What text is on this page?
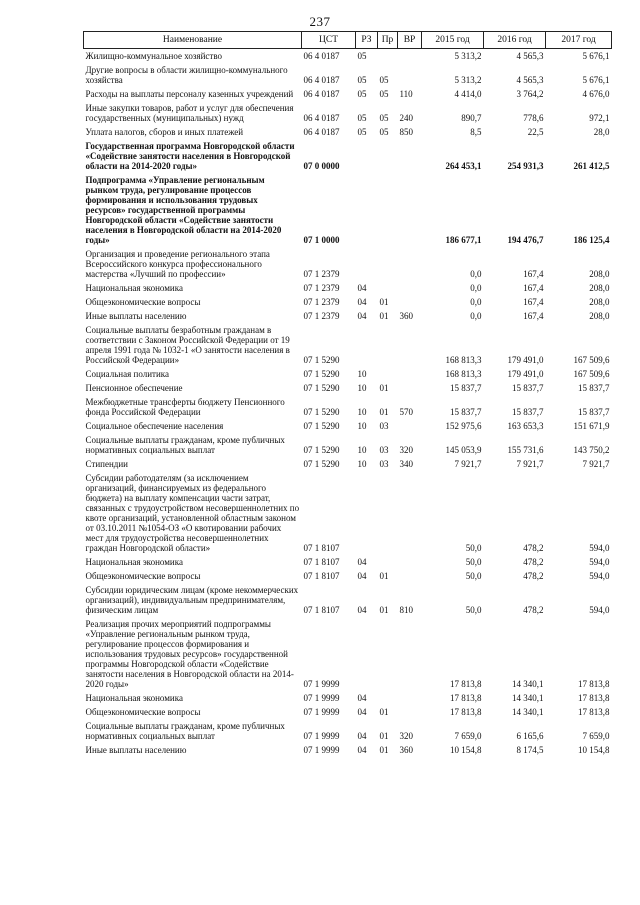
237
Наименование	ЦСТ	РЗ	Пр	ВР	2015 год	2016 год	2017 год
Жилищно-коммунальное хозяйство	06 4 0187	05			5 313,2	4 565,3	5 676,1
Другие вопросы в области жилищно-коммунального хозяйства	06 4 0187	05	05		5 313,2	4 565,3	5 676,1
Расходы на выплаты персоналу казенных учреждений	06 4 0187	05	05	110	4 414,0	3 764,2	4 676,0
Иные закупки товаров, работ и услуг для обеспечения государственных (муниципальных) нужд	06 4 0187	05	05	240	890,7	778,6	972,1
Уплата налогов, сборов и иных платежей	06 4 0187	05	05	850	8,5	22,5	28,0
Государственная программа Новгородской области «Содействие занятости населения в Новгородской области на 2014-2020 годы»	07 0 0000				264 453,1	254 931,3	261 412,5
Подпрограмма «Управление региональным рынком труда, регулирование процессов формирования и использования трудовых ресурсов» государственной программы Новгородской области «Содействие занятости населения в Новгородской области на 2014-2020 годы»	07 1 0000				186 677,1	194 476,7	186 125,4
Организация и проведение регионального этапа Всероссийского конкурса профессионального мастерства «Лучший по профессии»	07 1 2379				0,0	167,4	208,0
Национальная экономика	07 1 2379	04			0,0	167,4	208,0
Общеэкономические вопросы	07 1 2379	04	01		0,0	167,4	208,0
Иные выплаты населению	07 1 2379	04	01	360	0,0	167,4	208,0
Социальные выплаты безработным гражданам в соответствии с Законом Российской Федерации от 19 апреля 1991 года № 1032-1 «О занятости населения в Российской Федерации»	07 1 5290				168 813,3	179 491,0	167 509,6
Социальная политика	07 1 5290	10			168 813,3	179 491,0	167 509,6
Пенсионное обеспечение	07 1 5290	10	01		15 837,7	15 837,7	15 837,7
Межбюджетные трансферты бюджету Пенсионного фонда Российской Федерации	07 1 5290	10	01	570	15 837,7	15 837,7	15 837,7
Социальное обеспечение населения	07 1 5290	10	03		152 975,6	163 653,3	151 671,9
Социальные выплаты гражданам, кроме публичных нормативных социальных выплат	07 1 5290	10	03	320	145 053,9	155 731,6	143 750,2
Стипендии	07 1 5290	10	03	340	7 921,7	7 921,7	7 921,7
Субсидии работодателям (за исключением организаций, финансируемых из федерального бюджета) на выплату компенсации части затрат, связанных с трудоустройством несовершеннолетних по квоте организаций, установленной областным законом от 03.10.2011 №1054-ОЗ «О квотировании рабочих мест для трудоустройства несовершеннолетних граждан Новгородской области»	07 1 8107				50,0	478,2	594,0
Национальная экономика	07 1 8107	04			50,0	478,2	594,0
Общеэкономические вопросы	07 1 8107	04	01		50,0	478,2	594,0
Субсидии юридическим лицам (кроме некоммерческих организаций), индивидуальным предпринимателям, физическим лицам	07 1 8107	04	01	810	50,0	478,2	594,0
Реализация прочих мероприятий подпрограммы «Управление региональным рынком труда, регулирование процессов формирования и использования трудовых ресурсов» государственной программы Новгородской области «Содействие занятости населения в Новгородской области на 2014-2020 годы»	07 1 9999				17 813,8	14 340,1	17 813,8
Национальная экономика	07 1 9999	04			17 813,8	14 340,1	17 813,8
Общеэкономические вопросы	07 1 9999	04	01		17 813,8	14 340,1	17 813,8
Социальные выплаты гражданам, кроме публичных нормативных социальных выплат	07 1 9999	04	01	320	7 659,0	6 165,6	7 659,0
Иные выплаты населению	07 1 9999	04	01	360	10 154,8	8 174,5	10 154,8
